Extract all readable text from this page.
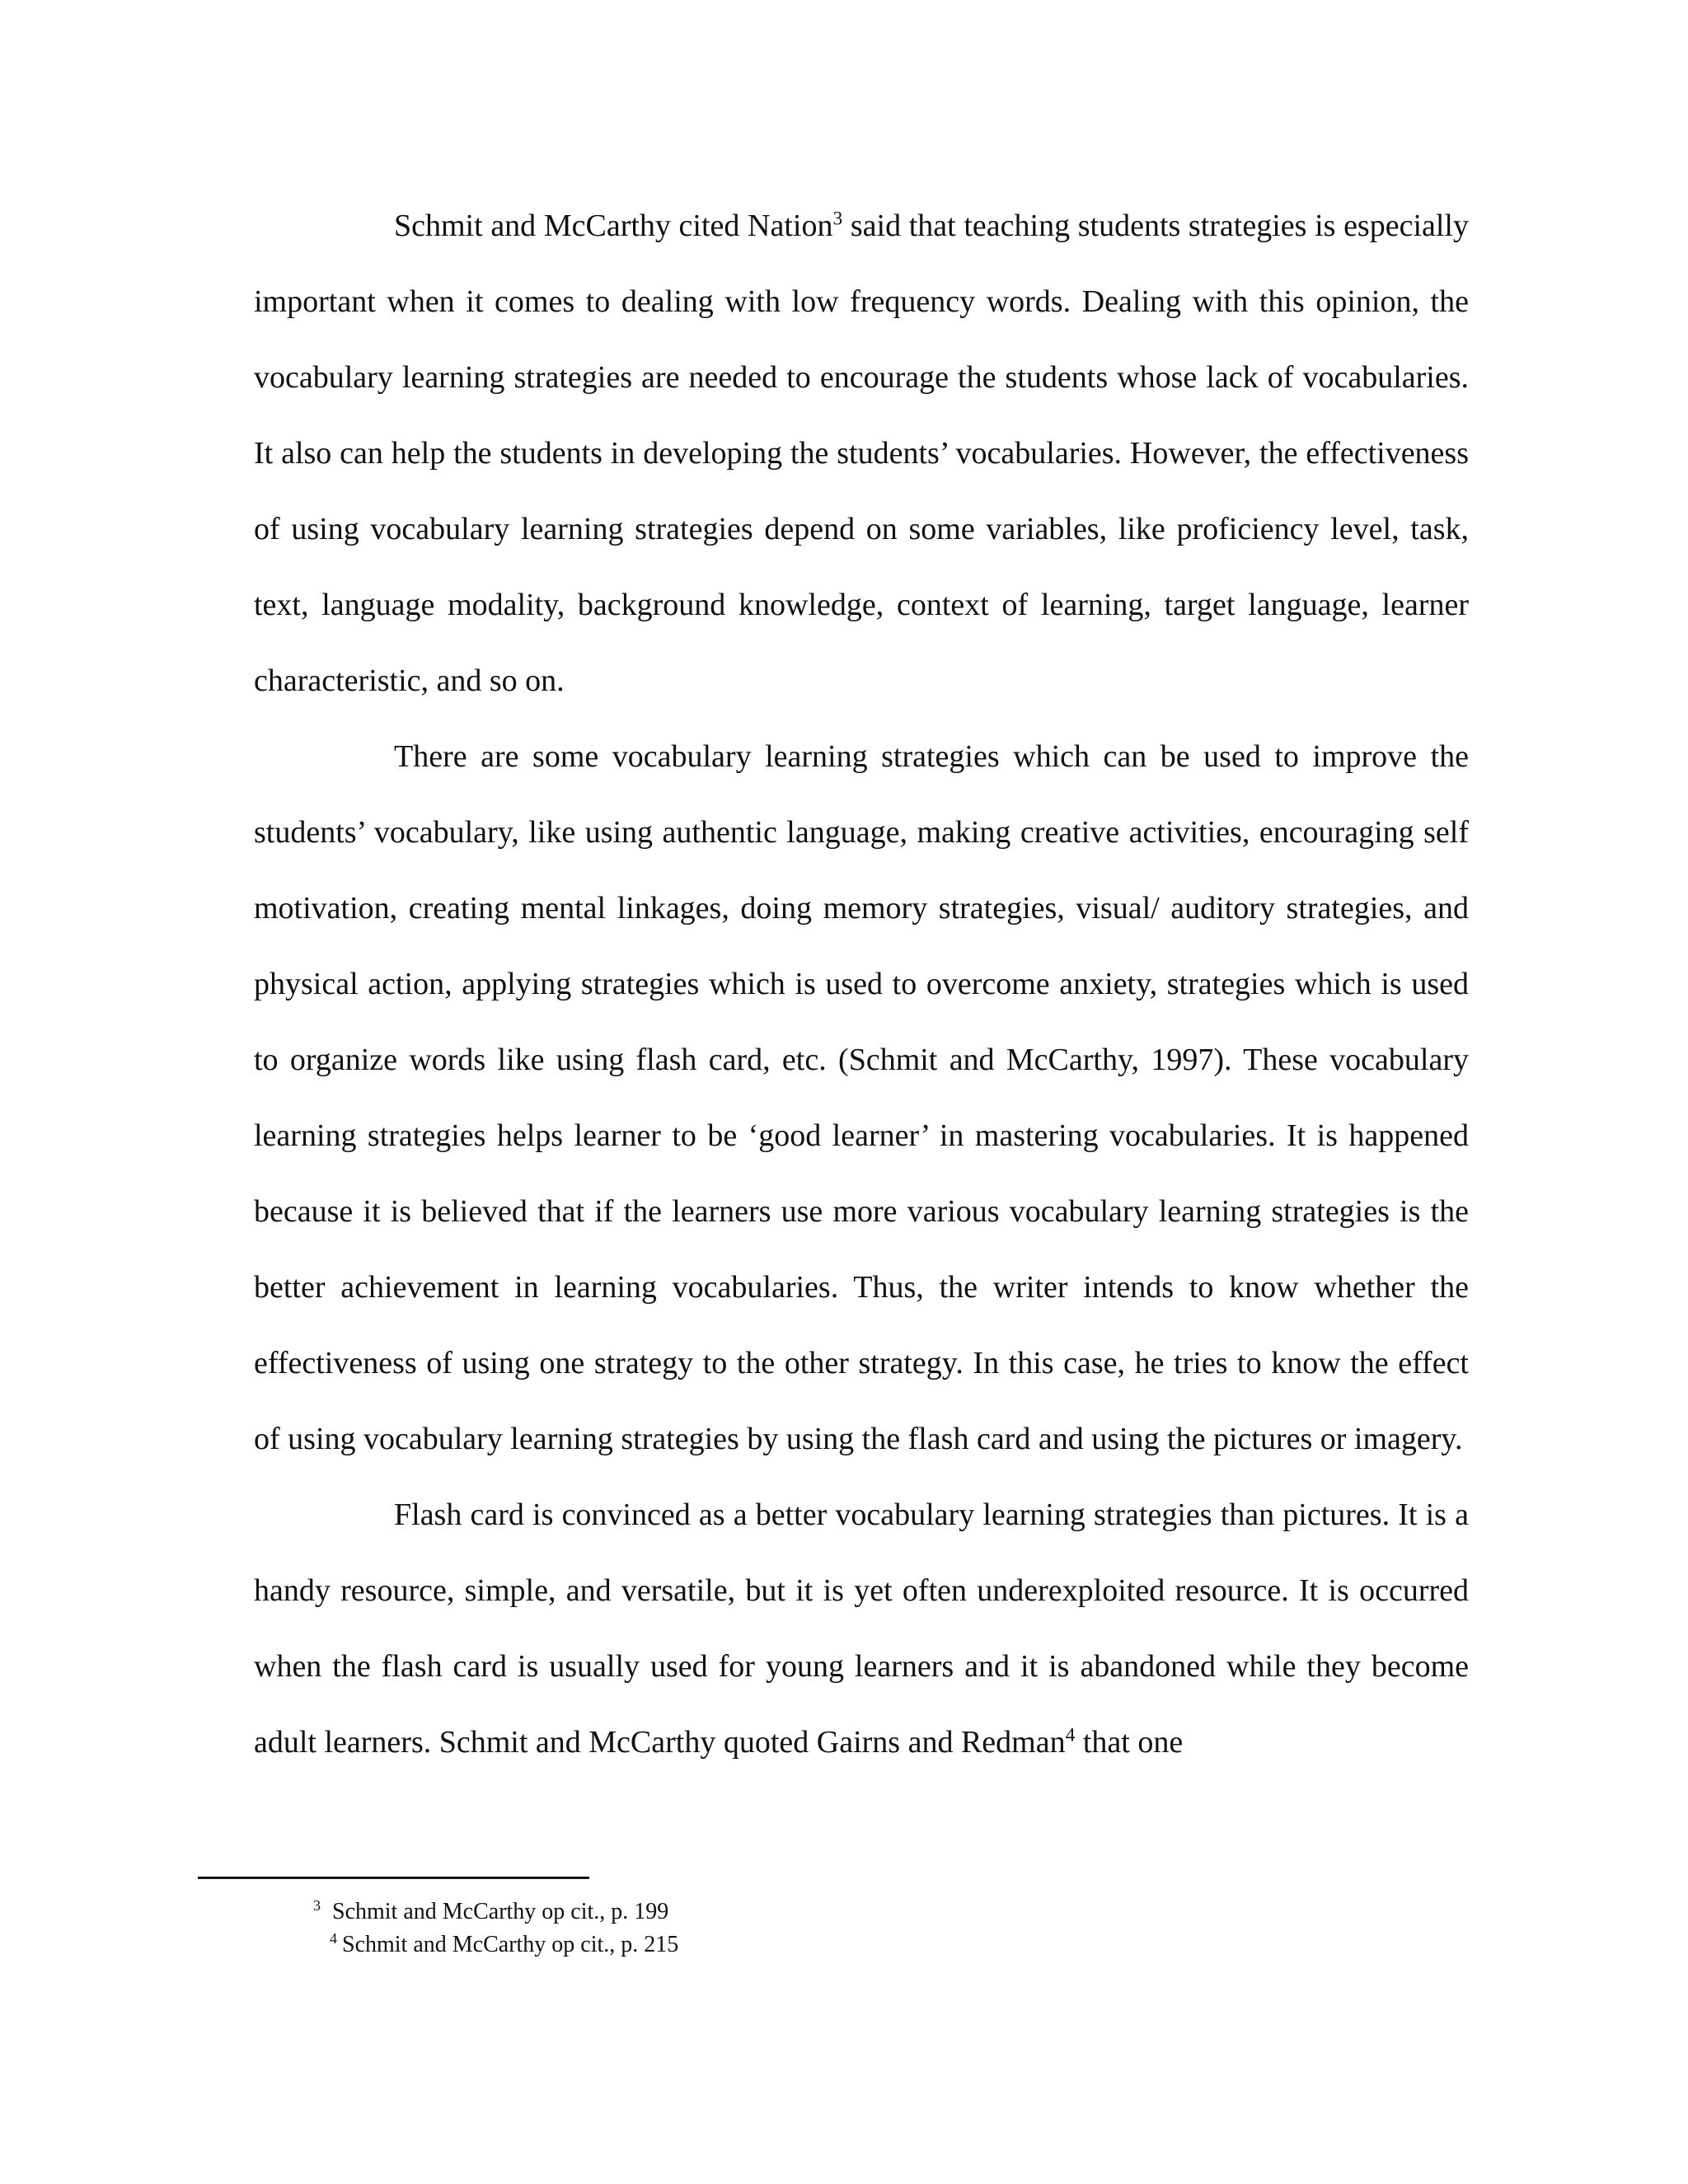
Schmit and McCarthy cited Nation$^3$ said that teaching students strategies is especially important when it comes to dealing with low frequency words. Dealing with this opinion, the vocabulary learning strategies are needed to encourage the students whose lack of vocabularies. It also can help the students in developing the students’ vocabularies. However, the effectiveness of using vocabulary learning strategies depend on some variables, like proficiency level, task, text, language modality, background knowledge, context of learning, target language, learner characteristic, and so on.

There are some vocabulary learning strategies which can be used to improve the students’ vocabulary, like using authentic language, making creative activities, encouraging self motivation, creating mental linkages, doing memory strategies, visual/ auditory strategies, and physical action, applying strategies which is used to overcome anxiety, strategies which is used to organize words like using flash card, etc. (Schmit and McCarthy, 1997). These vocabulary learning strategies helps learner to be ‘good learner’ in mastering vocabularies. It is happened because it is believed that if the learners use more various vocabulary learning strategies is the better achievement in learning vocabularies. Thus, the writer intends to know whether the effectiveness of using one strategy to the other strategy. In this case, he tries to know the effect of using vocabulary learning strategies by using the flash card and using the pictures or imagery.

Flash card is convinced as a better vocabulary learning strategies than pictures. It is a handy resource, simple, and versatile, but it is yet often underexploited resource. It is occurred when the flash card is usually used for young learners and it is abandoned while they become adult learners. Schmit and McCarthy quoted Gairns and Redman$^4$ that one

3 Schmit and McCarthy op cit., p. 199

4 Schmit and McCarthy op cit., p. 215
